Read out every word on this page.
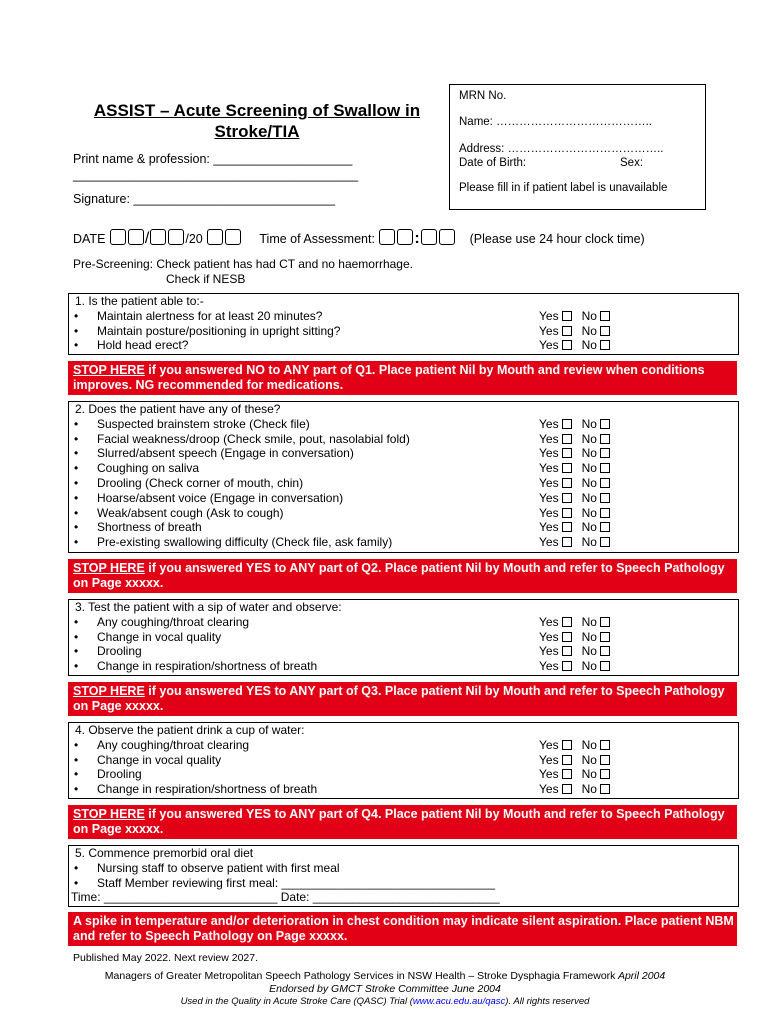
ASSIST – Acute Screening of Swallow in Stroke/TIA
Print name & profession: ____________________
_________________________________________
Signature: _____________________________
MRN No.
Name: …………………………………..
Address: …………………………………..
Date of Birth:	Sex:
Please fill in if patient label is unavailable
DATE /	/20	Time of Assessment: :	(Please use 24 hour clock time)
Pre-Screening: Check patient has had CT and no haemorrhage.
Check if NESB
1. Is the patient able to:-
• Maintain alertness for at least 20 minutes?	Yes No
• Maintain posture/positioning in upright sitting?	Yes No
• Hold head erect?	Yes No
STOP HERE if you answered NO to ANY part of Q1. Place patient Nil by Mouth and review when conditions improves. NG recommended for medications.
2. Does the patient have any of these?
• Suspected brainstem stroke (Check file)	Yes No
• Facial weakness/droop (Check smile, pout, nasolabial fold)	Yes No
• Slurred/absent speech (Engage in conversation)	Yes No
• Coughing on saliva	Yes No
• Drooling (Check corner of mouth, chin)	Yes No
• Hoarse/absent voice (Engage in conversation)	Yes No
• Weak/absent cough (Ask to cough)	Yes No
• Shortness of breath	Yes No
• Pre-existing swallowing difficulty (Check file, ask family)	Yes No
STOP HERE if you answered YES to ANY part of Q2. Place patient Nil by Mouth and refer to Speech Pathology on Page xxxxx.
3. Test the patient with a sip of water and observe:
• Any coughing/throat clearing	Yes No
• Change in vocal quality	Yes No
• Drooling	Yes No
• Change in respiration/shortness of breath	Yes No
STOP HERE if you answered YES to ANY part of Q3. Place patient Nil by Mouth and refer to Speech Pathology on Page xxxxx.
4. Observe the patient drink a cup of water:
• Any coughing/throat clearing	Yes No
• Change in vocal quality	Yes No
• Drooling	Yes No
• Change in respiration/shortness of breath	Yes No
STOP HERE if you answered YES to ANY part of Q4. Place patient Nil by Mouth and refer to Speech Pathology on Page xxxxx.
5. Commence premorbid oral diet
• Nursing staff to observe patient with first meal
• Staff Member reviewing first meal: ________________________________
Time: __________________________ Date: ____________________________
A spike in temperature and/or deterioration in chest condition may indicate silent aspiration. Place patient NBM and refer to Speech Pathology on Page xxxxx.
Published May 2022. Next review 2027.
Managers of Greater Metropolitan Speech Pathology Services in NSW Health – Stroke Dysphagia Framework April 2004
Endorsed by GMCT Stroke Committee June 2004
Used in the Quality in Acute Stroke Care (QASC) Trial (www.acu.edu.au/qasc). All rights reserved
